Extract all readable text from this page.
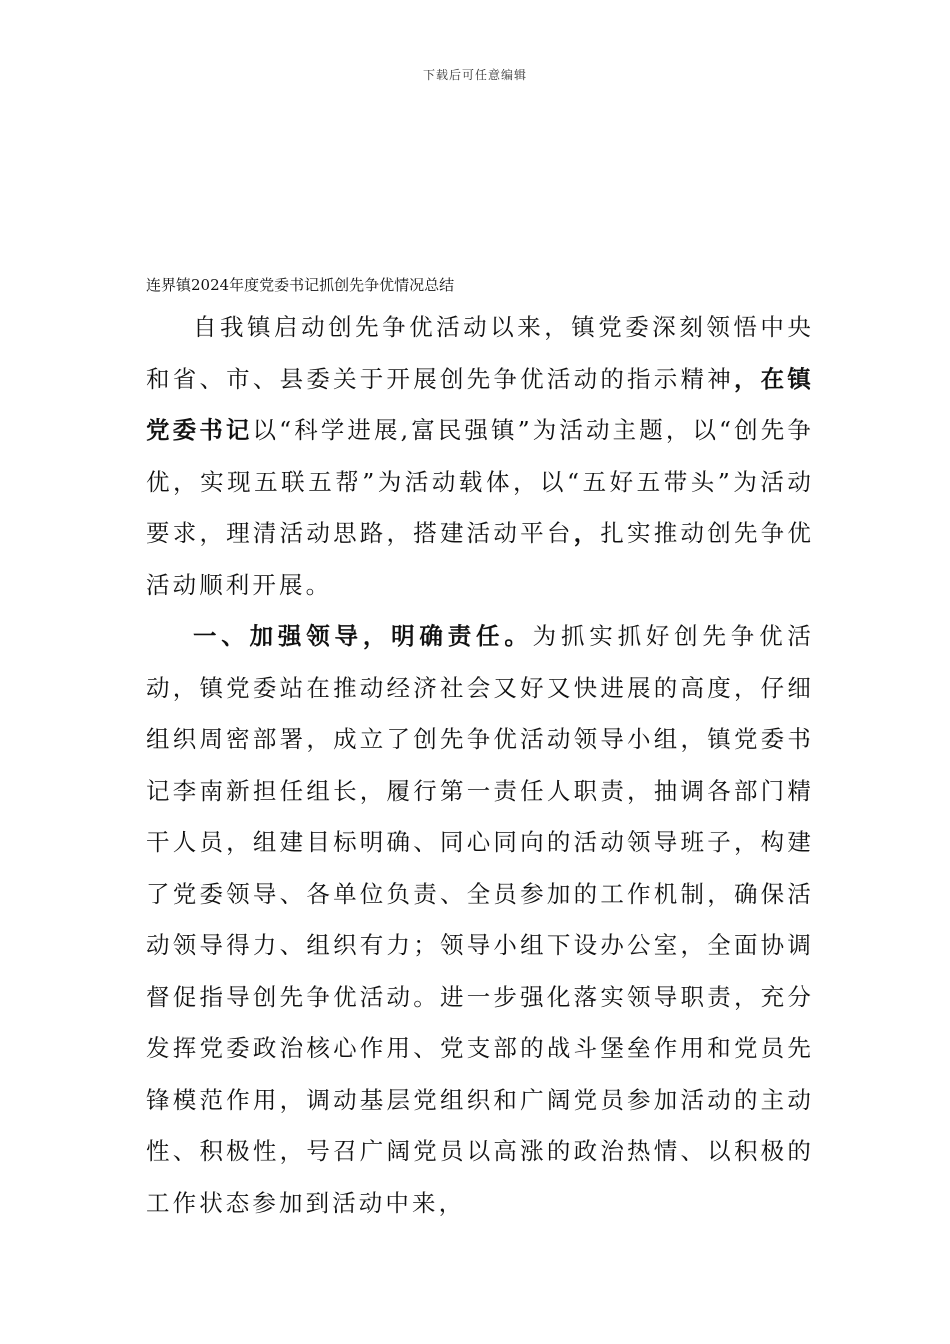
下载后可任意编辑
连界镇2024年度党委书记抓创先争优情况总结

自我镇启动创先争优活动以来，镇党委深刻领悟中央和省、市、县委关于开展创先争优活动的指示精神，在镇党委书记以“科学进展,富民强镇”为活动主题，以“创先争优，实现五联五帮”为活动载体，以“五好五带头”为活动要求，理清活动思路，搭建活动平台，扎实推动创先争优活动顺利开展。

一、加强领导，明确责任。为抓实抓好创先争优活动，镇党委站在推动经济社会又好又快进展的高度，仔细组织周密部署，成立了创先争优活动领导小组，镇党委书记李南新担任组长，履行第一责任人职责，抽调各部门精干人员，组建目标明确、同心同向的活动领导班子，构建了党委领导、各单位负责、全员参加的工作机制，确保活动领导得力、组织有力；领导小组下设办公室，全面协调督促指导创先争优活动。进一步强化落实领导职责，充分发挥党委政治核心作用、党支部的战斗堡垒作用和党员先锋模范作用，调动基层党组织和广阔党员参加活动的主动性、积极性，号召广阔党员以高涨的政治热情、以积极的工作状态参加到活动中来，
